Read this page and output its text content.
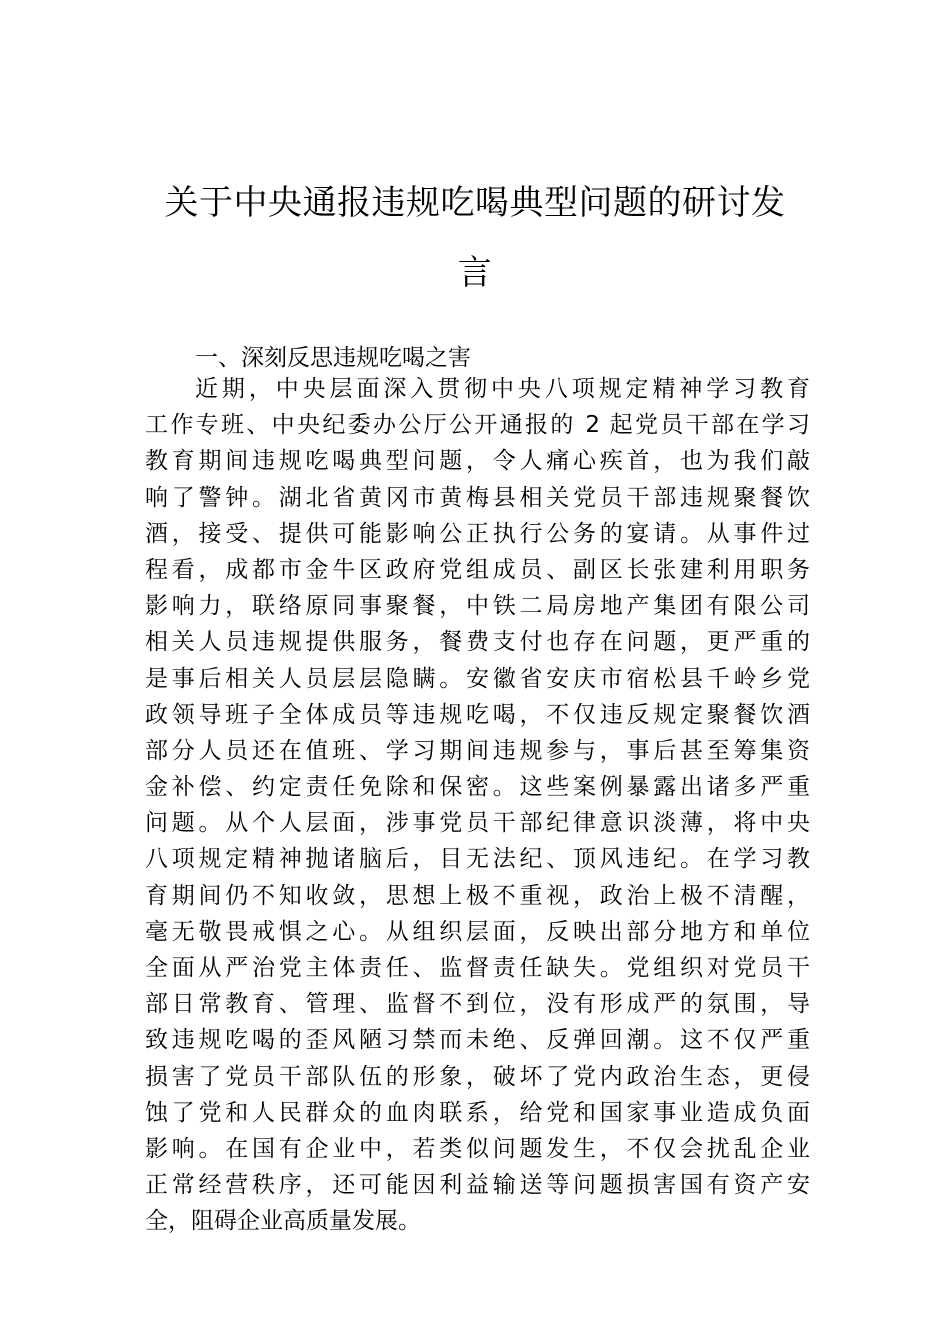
关于中央通报违规吃喝典型问题的研讨发
言
一、深刻反思违规吃喝之害
近期，中央层面深入贯彻中央八项规定精神学习教育
工作专班、中央纪委办公厅公开通报的 2 起党员干部在学习
教育期间违规吃喝典型问题，令人痛心疾首，也为我们敲
响了警钟。湖北省黄冈市黄梅县相关党员干部违规聚餐饮
酒，接受、提供可能影响公正执行公务的宴请。从事件过
程看，成都市金牛区政府党组成员、副区长张建利用职务
影响力，联络原同事聚餐，中铁二局房地产集团有限公司
相关人员违规提供服务，餐费支付也存在问题，更严重的
是事后相关人员层层隐瞒。安徽省安庆市宿松县千岭乡党
政领导班子全体成员等违规吃喝，不仅违反规定聚餐饮酒
部分人员还在值班、学习期间违规参与，事后甚至筹集资
金补偿、约定责任免除和保密。这些案例暴露出诸多严重
问题。从个人层面，涉事党员干部纪律意识淡薄，将中央
八项规定精神抛诸脑后，目无法纪、顶风违纪。在学习教
育期间仍不知收敛，思想上极不重视，政治上极不清醒，
毫无敬畏戒惧之心。从组织层面，反映出部分地方和单位
全面从严治党主体责任、监督责任缺失。党组织对党员干
部日常教育、管理、监督不到位，没有形成严的氛围，导
致违规吃喝的歪风陋习禁而未绝、反弹回潮。这不仅严重
损害了党员干部队伍的形象，破坏了党内政治生态，更侵
蚀了党和人民群众的血肉联系，给党和国家事业造成负面
影响。在国有企业中，若类似问题发生，不仅会扰乱企业
正常经营秩序，还可能因利益输送等问题损害国有资产安
全，阻碍企业高质量发展。
